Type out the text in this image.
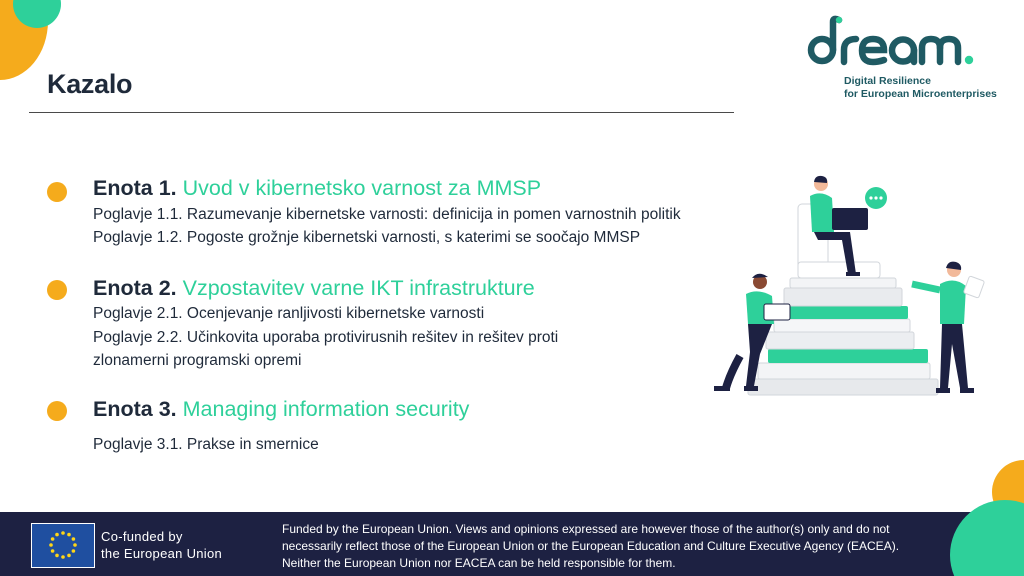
Kazalo	Digital Resilience
for European Microenterprises
Enota 1. Uvod v kibernetsko varnost za MMSP
Poglavje 1.1. Razumevanje kibernetske varnosti: definicija in pomen varnostnih politik
Poglavje 1.2. Pogoste grožnje kibernetski varnosti, s katerimi se soočajo MMSP
Enota 2. Vzpostavitev varne IKT infrastrukture
Poglavje 2.1. Ocenjevanje ranljivosti kibernetske varnosti
Poglavje 2.2. Učinkovita uporaba protivirusnih rešitev in rešitev proti
zlonamerni programski opremi
Enota 3. Managing information security
Poglavje 3.1. Prakse in smernice
Co-funded by
the European Union
Funded by the European Union. Views and opinions expressed are however those of the author(s) only and do not
necessarily reflect those of the European Union or the European Education and Culture Executive Agency (EACEA).
Neither the European Union nor EACEA can be held responsible for them.
